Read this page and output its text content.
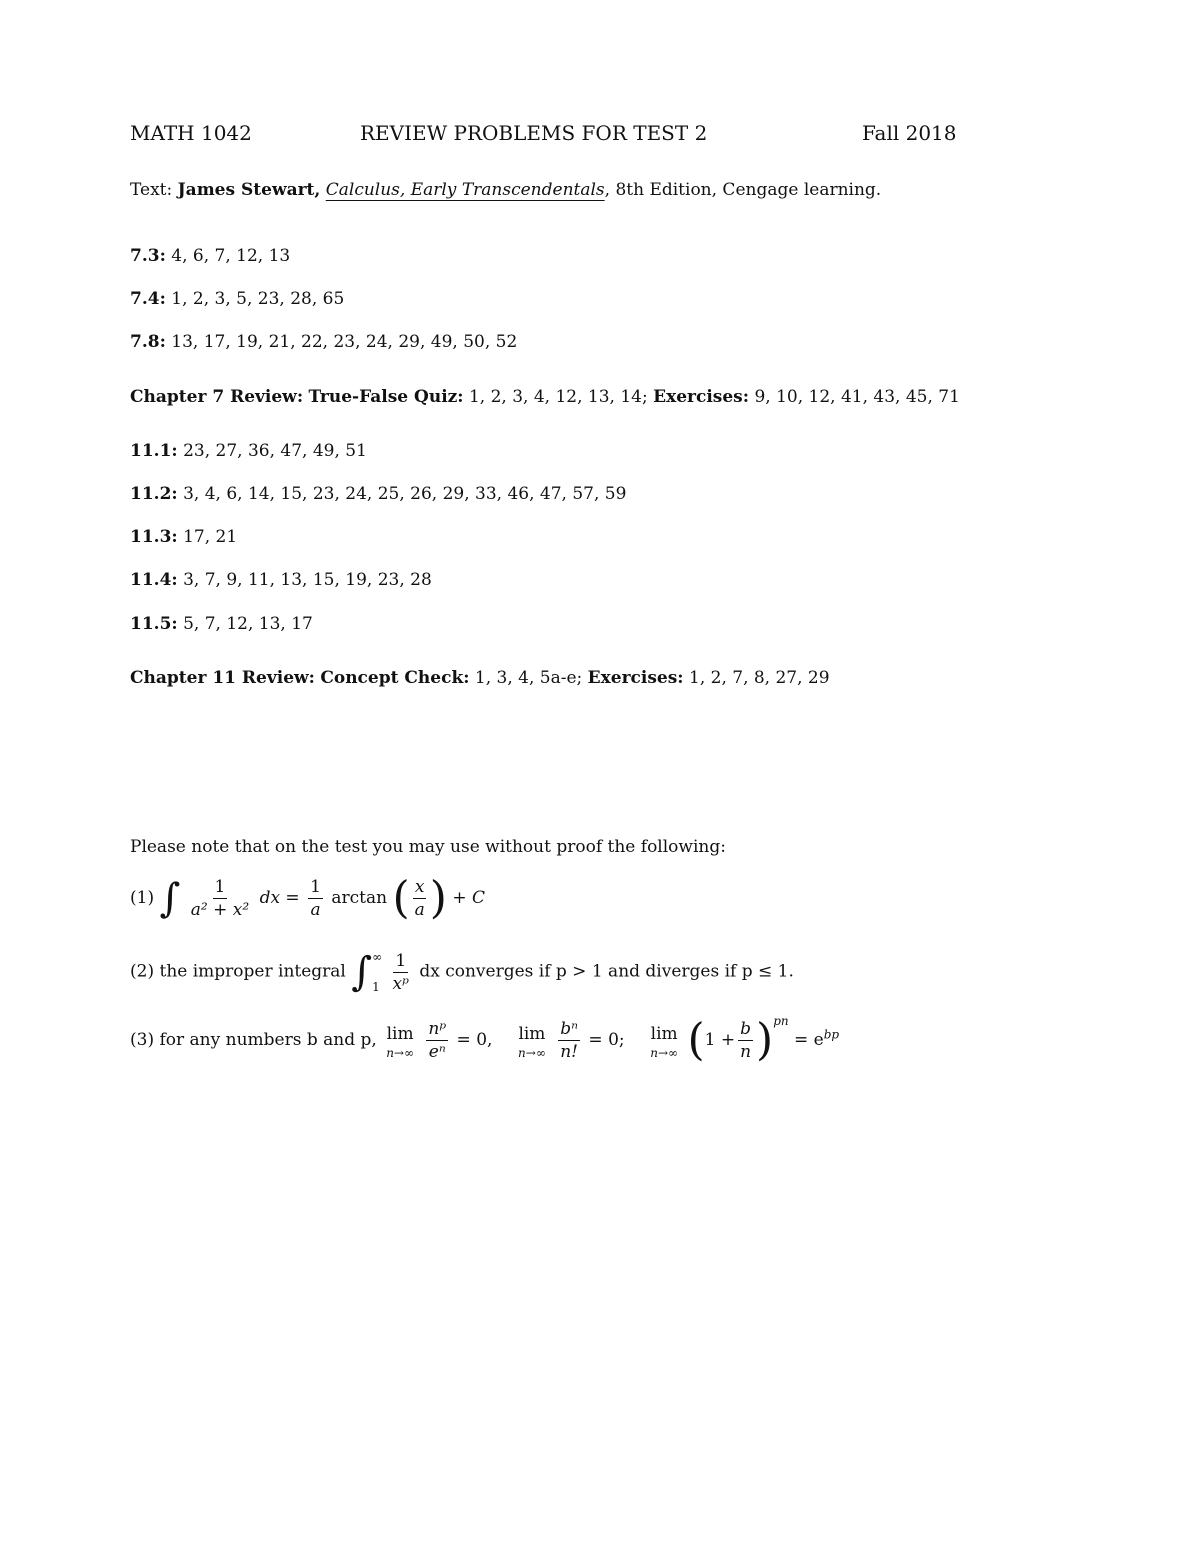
MATH 1042	REVIEW PROBLEMS FOR TEST 2	Fall 2018
Text: James Stewart, Calculus, Early Transcendentals, 8th Edition, Cengage learning.
7.3: 4, 6, 7, 12, 13
7.4: 1, 2, 3, 5, 23, 28, 65
7.8: 13, 17, 19, 21, 22, 23, 24, 29, 49, 50, 52
Chapter 7 Review: True-False Quiz: 1, 2, 3, 4, 12, 13, 14; Exercises: 9, 10, 12, 41, 43, 45, 71
11.1: 23, 27, 36, 47, 49, 51
11.2: 3, 4, 6, 14, 15, 23, 24, 25, 26, 29, 33, 46, 47, 57, 59
11.3: 17, 21
11.4: 3, 7, 9, 11, 13, 15, 19, 23, 28
11.5: 5, 7, 12, 13, 17
Chapter 11 Review: Concept Check: 1, 3, 4, 5a-e; Exercises: 1, 2, 7, 8, 27, 29
Please note that on the test you may use without proof the following:
(1) ∫ $\frac{1}{\text{a² + x²}}$ dx = $\frac{1}{a}$ arctan ( $\frac{x}{a}$ ) + C
(2) the improper integral ∫ ∞
1
$\frac{1}{\text{xᵖ}}$ dx converges if p > 1 and diverges if p ≤ 1.
(3) for any numbers b and p, lim
n→∞
$\frac{\text{nᵖ}}{\text{eⁿ}} = 0$, lim
n→∞
$\frac{\text{bⁿ}}{n!} = 0$; lim
n→∞ $(1 + \frac{b}{n} )^{pn} = e^{bp}$
